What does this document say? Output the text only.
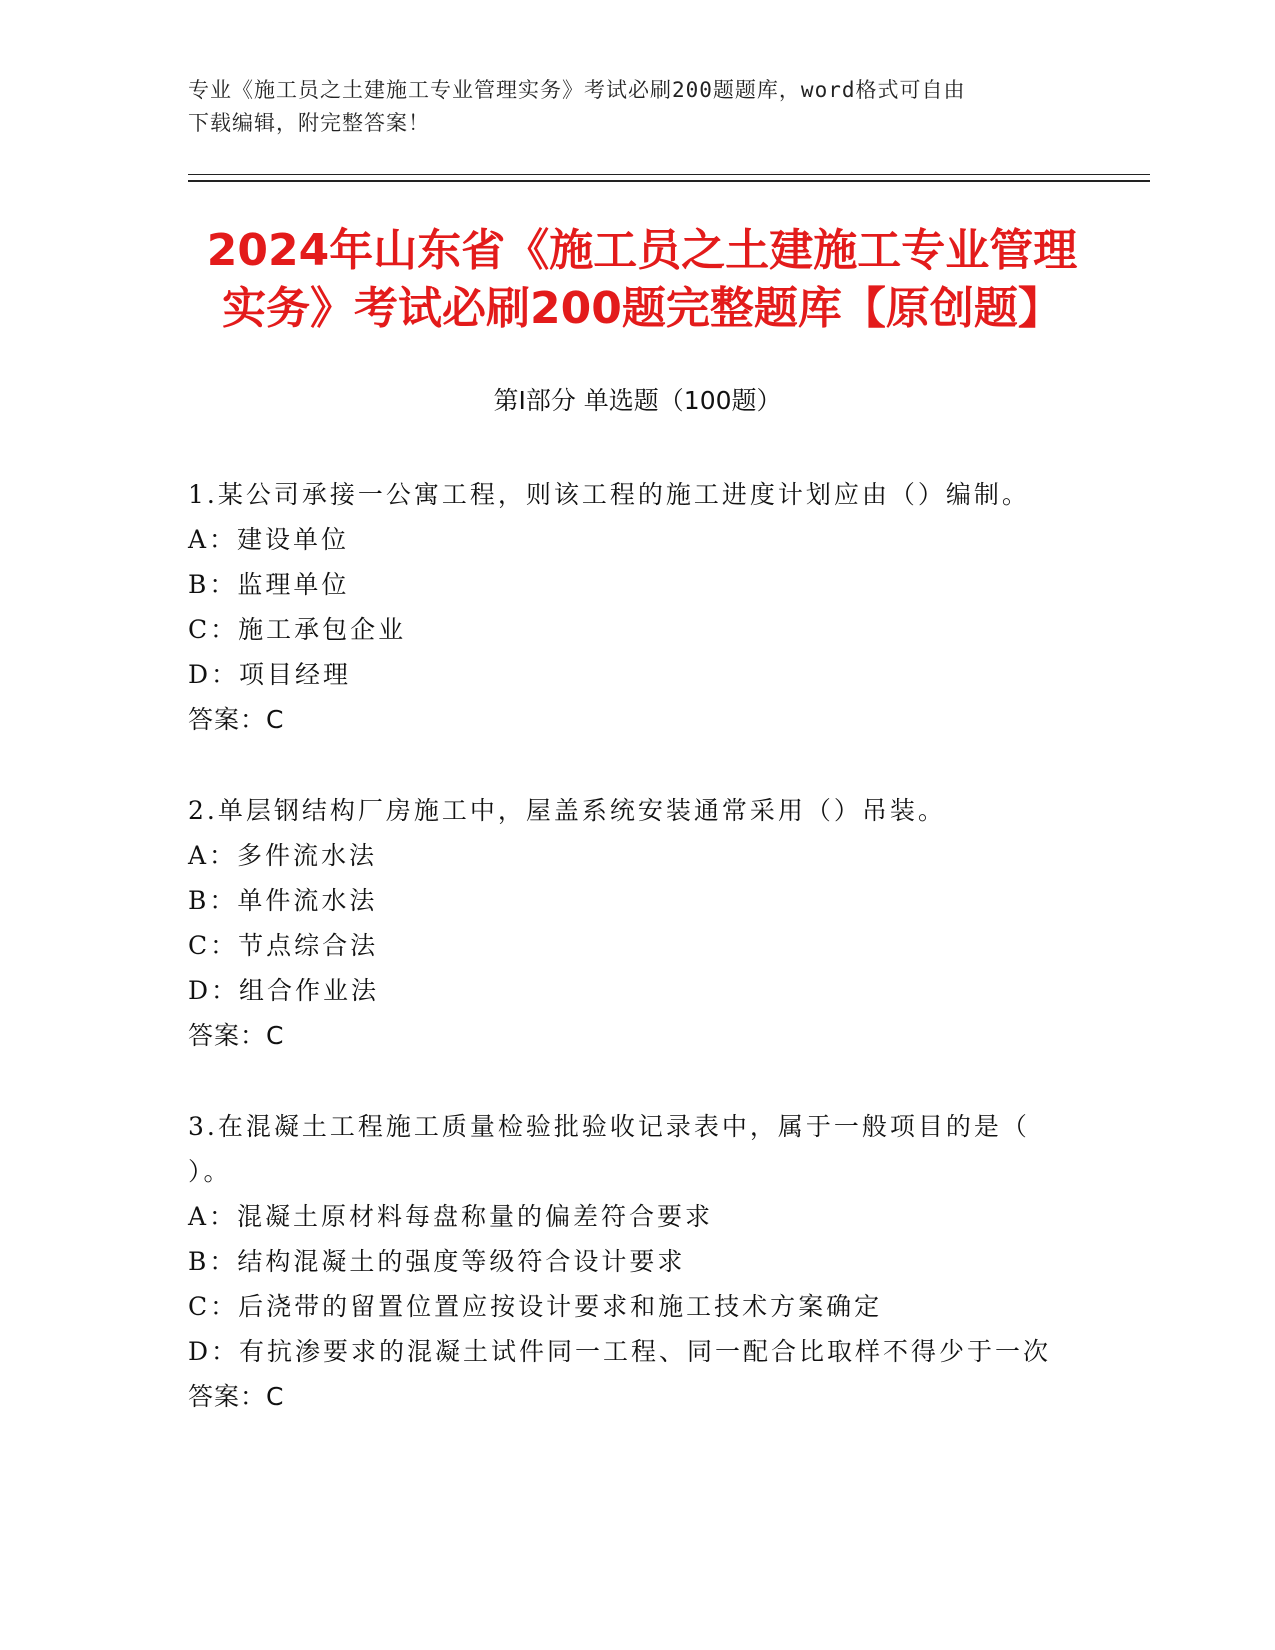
专业《施工员之土建施工专业管理实务》考试必刷200题题库，word格式可自由
下载编辑，附完整答案！
2024年山东省《施工员之土建施工专业管理
实务》考试必刷200题完整题库【原创题】
第Ⅰ部分 单选题（100题）

1.某公司承接一公寓工程，则该工程的施工进度计划应由（）编制。

A：建设单位

B：监理单位

C：施工承包企业

D：项目经理

答案：C

2.单层钢结构厂房施工中，屋盖系统安装通常采用（）吊装。

A：多件流水法

B：单件流水法

C：节点综合法

D：组合作业法

答案：C

3.在混凝土工程施工质量检验批验收记录表中，属于一般项目的是（

）。

A：混凝土原材料每盘称量的偏差符合要求

B：结构混凝土的强度等级符合设计要求

C：后浇带的留置位置应按设计要求和施工技术方案确定

D：有抗渗要求的混凝土试件同一工程、同一配合比取样不得少于一次

答案：C
